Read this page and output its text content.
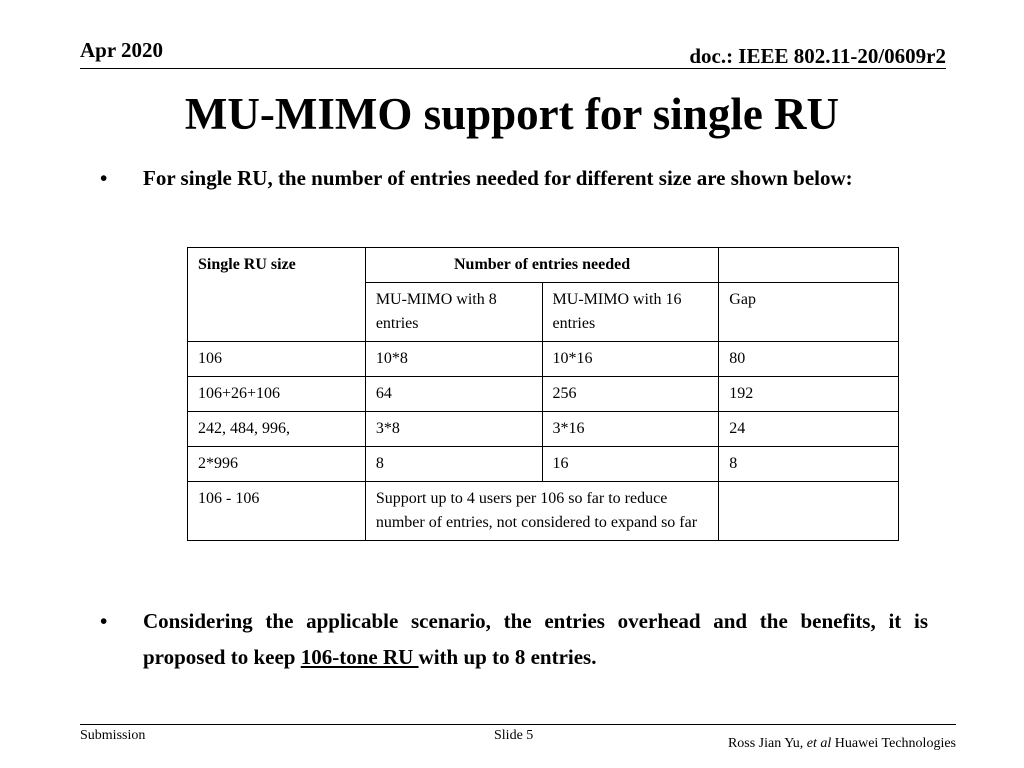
Apr 2020	doc.: IEEE 802.11-20/0609r2
MU-MIMO support for single RU
• For single RU, the number of entries needed for different size are shown below:
Single RU size	Number of entries needed		
	MU-MIMO with 8 entries	MU-MIMO with 16 entries	Gap
106	10*8	10*16	80
106+26+106	64	256	192
242, 484, 996,	3*8	3*16	24
2*996	8	16	8
106 - 106	Support up to 4 users per 106 so far to reduce number of entries, not considered to expand so far		
• Considering the applicable scenario, the entries overhead and the benefits, it is proposed to keep 106-tone RU with up to 8 entries.
Submission	Slide 5
Ross Jian Yu, et al Huawei Technologies
